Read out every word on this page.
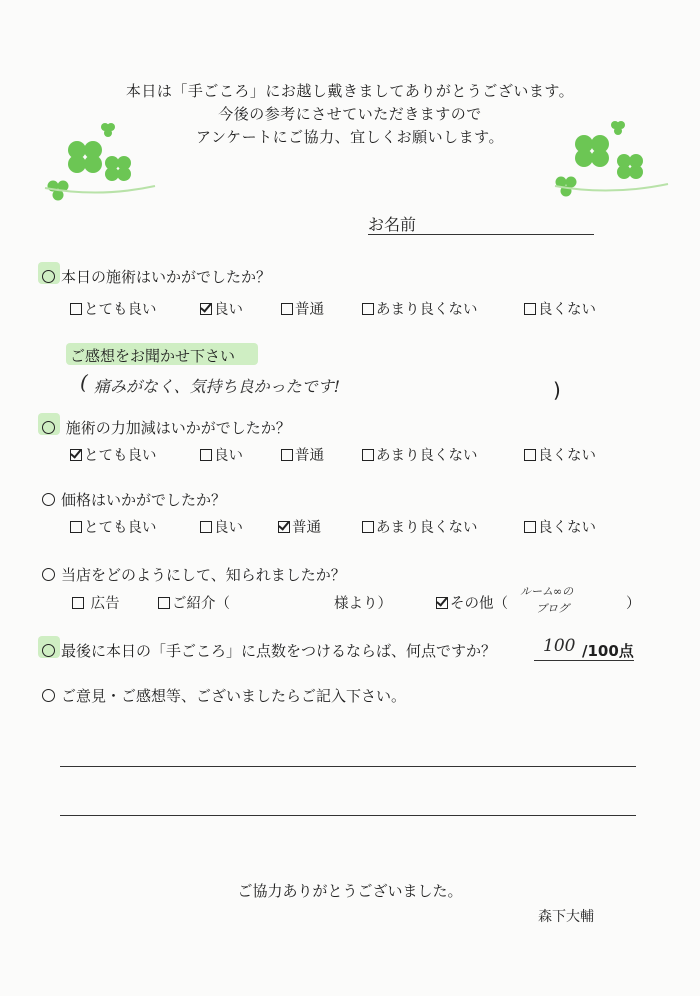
本日は「手ごころ」にお越し戴きましてありがとうございます。
今後の参考にさせていただきますので
アンケートにご協力、宜しくお願いします。
お名前
本日の施術はいかがでしたか？
とても良い	良い	普通	あまり良くない	良くない
ご感想をお聞かせ下さい
( 痛みがなく、気持ち良かったです!	)
施術の力加減はいかがでしたか？
とても良い	良い	普通	あまり良くない	良くない
価格はいかがでしたか？
とても良い	良い	普通	あまり良くない	良くない
当店をどのようにして、知られましたか？
広告	ご紹介（	様より）	その他（
ルーム∞の
ブログ	）
最後に本日の「手ごころ」に点数をつけるならば、何点ですか？	100 /100点
ご意見・ご感想等、ございましたらご記入下さい。
ご協力ありがとうございました。
森下大輔
